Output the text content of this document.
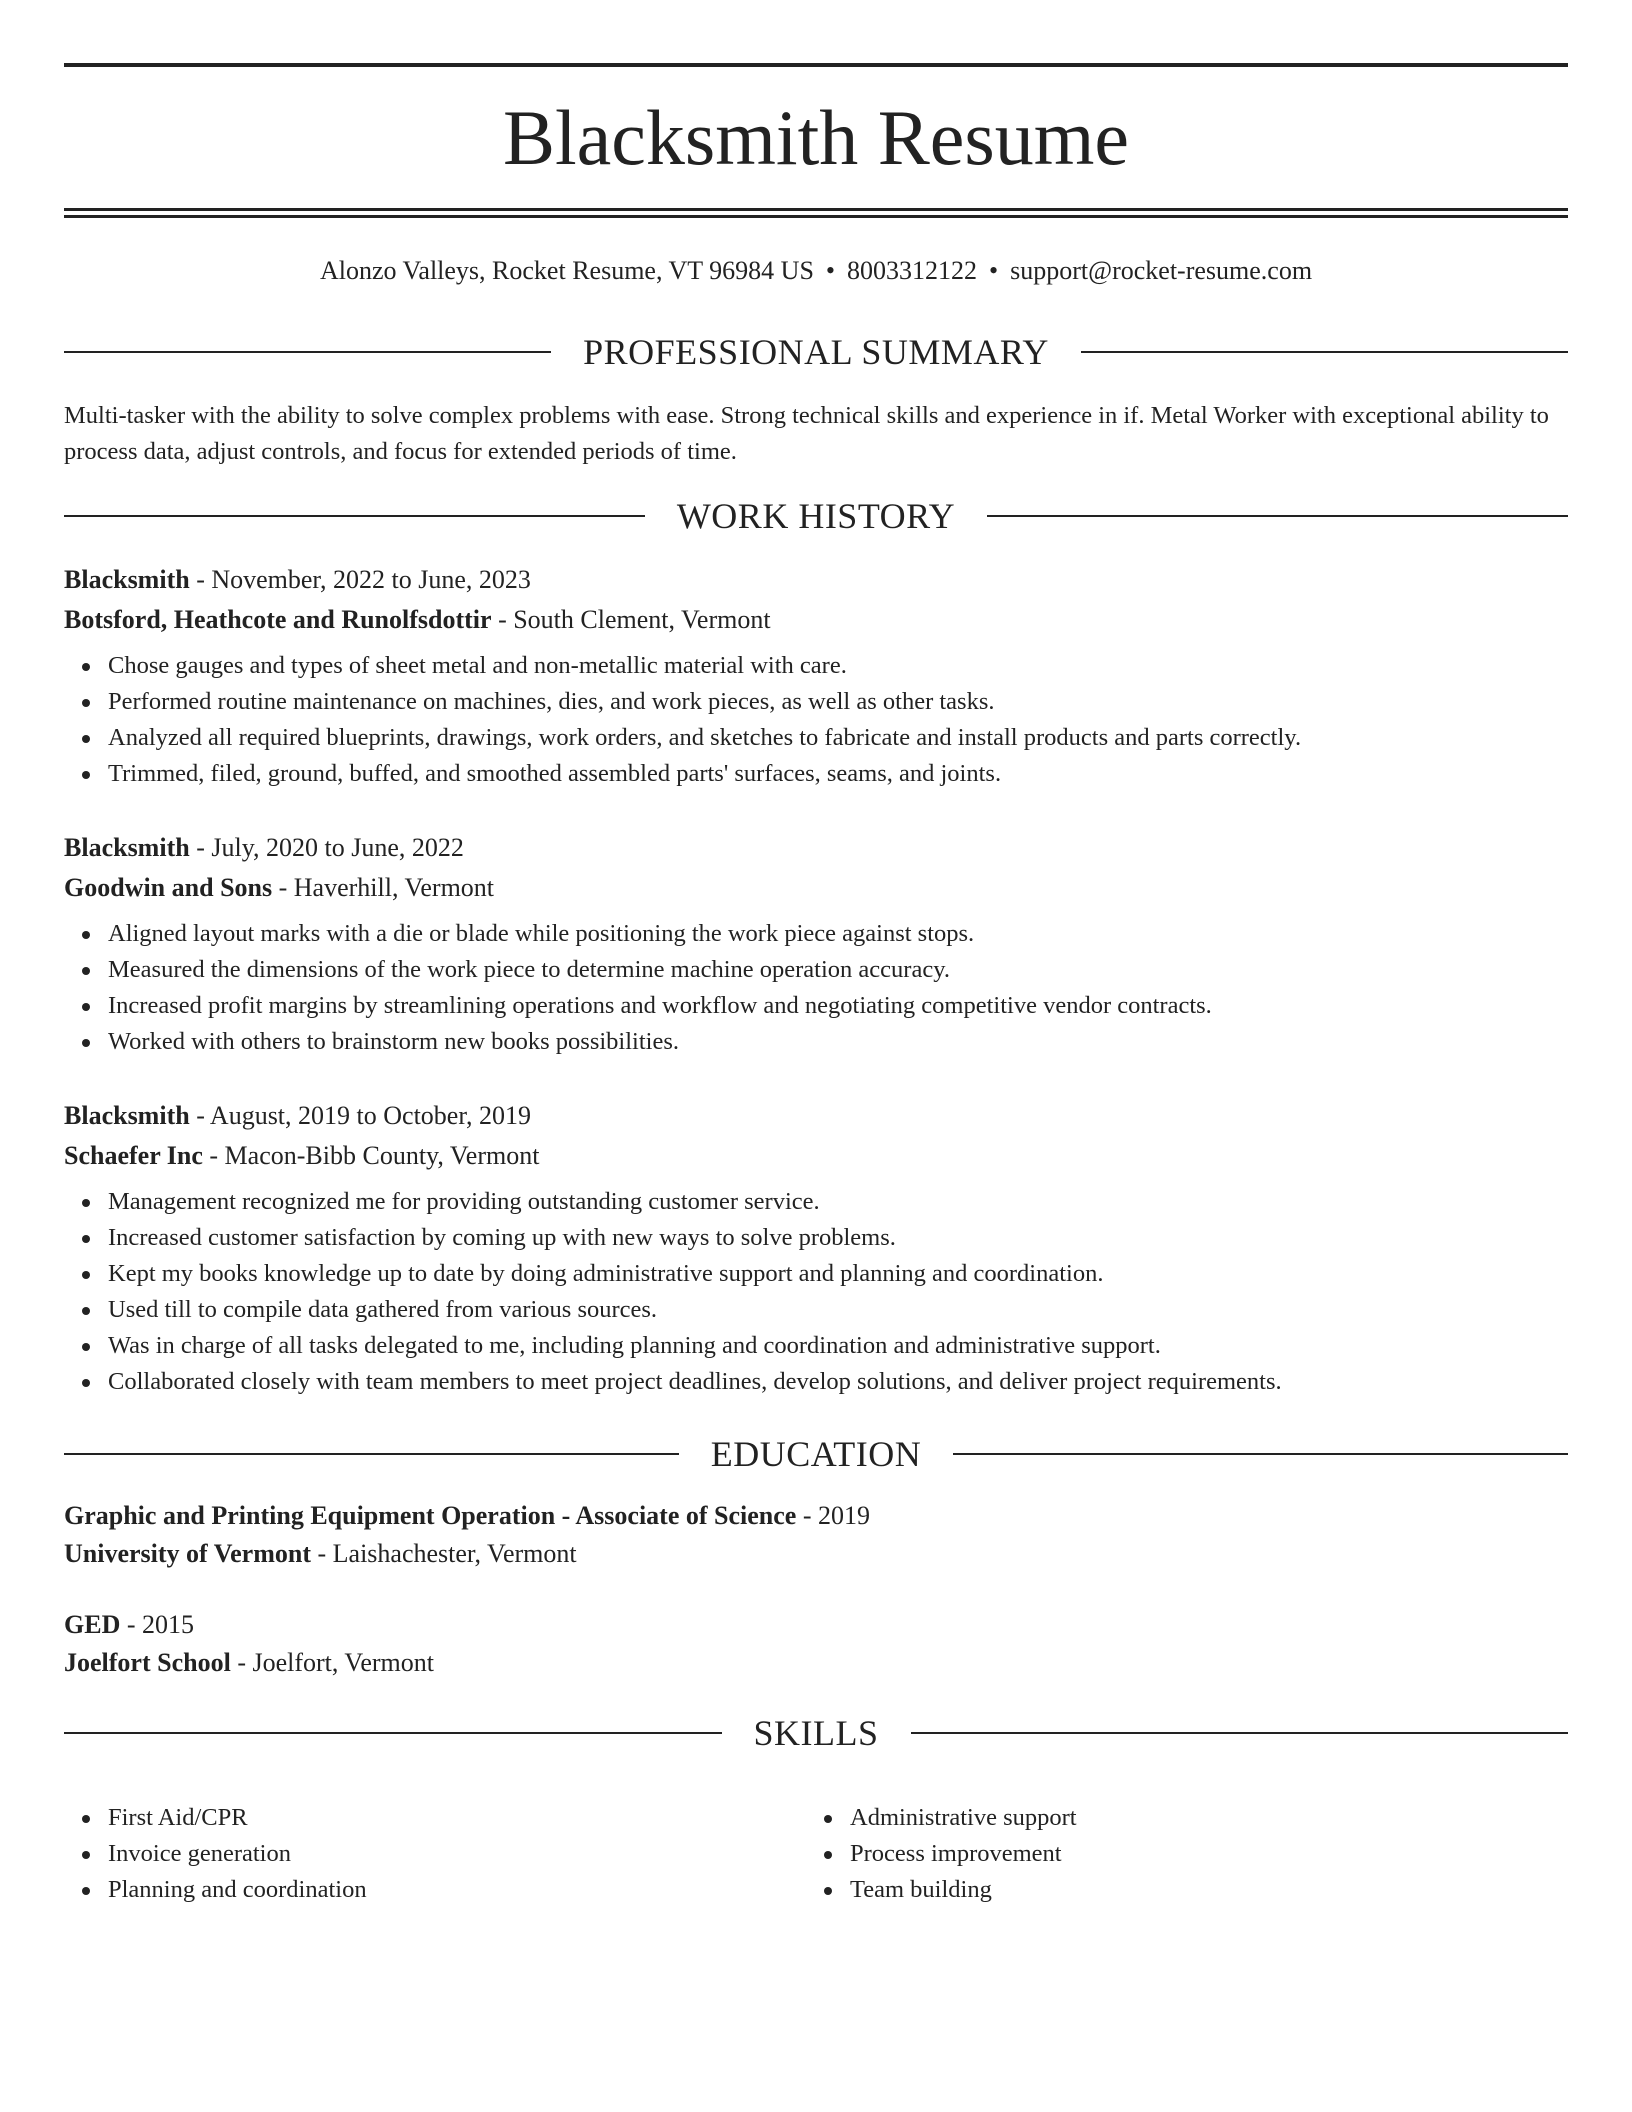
Blacksmith Resume
Alonzo Valleys, Rocket Resume, VT 96984 US • 8003312122 • support@rocket-resume.com
PROFESSIONAL SUMMARY

Multi-tasker with the ability to solve complex problems with ease. Strong technical skills and experience in if. Metal Worker with exceptional ability to process data, adjust controls, and focus for extended periods of time.

WORK HISTORY
Blacksmith - November, 2022 to June, 2023
Botsford, Heathcote and Runolfsdottir - South Clement, Vermont
Chose gauges and types of sheet metal and non-metallic material with care.
Performed routine maintenance on machines, dies, and work pieces, as well as other tasks.
Analyzed all required blueprints, drawings, work orders, and sketches to fabricate and install products and parts correctly.
Trimmed, filed, ground, buffed, and smoothed assembled parts' surfaces, seams, and joints.
Blacksmith - July, 2020 to June, 2022
Goodwin and Sons - Haverhill, Vermont
Aligned layout marks with a die or blade while positioning the work piece against stops.
Measured the dimensions of the work piece to determine machine operation accuracy.
Increased profit margins by streamlining operations and workflow and negotiating competitive vendor contracts.
Worked with others to brainstorm new books possibilities.
Blacksmith - August, 2019 to October, 2019
Schaefer Inc - Macon-Bibb County, Vermont
Management recognized me for providing outstanding customer service.
Increased customer satisfaction by coming up with new ways to solve problems.
Kept my books knowledge up to date by doing administrative support and planning and coordination.
Used till to compile data gathered from various sources.
Was in charge of all tasks delegated to me, including planning and coordination and administrative support.
Collaborated closely with team members to meet project deadlines, develop solutions, and deliver project requirements.
EDUCATION
Graphic and Printing Equipment Operation - Associate of Science - 2019
University of Vermont - Laishachester, Vermont
GED - 2015
Joelfort School - Joelfort, Vermont
SKILLS
First Aid/CPR
Invoice generation
Planning and coordination
Administrative support
Process improvement
Team building
